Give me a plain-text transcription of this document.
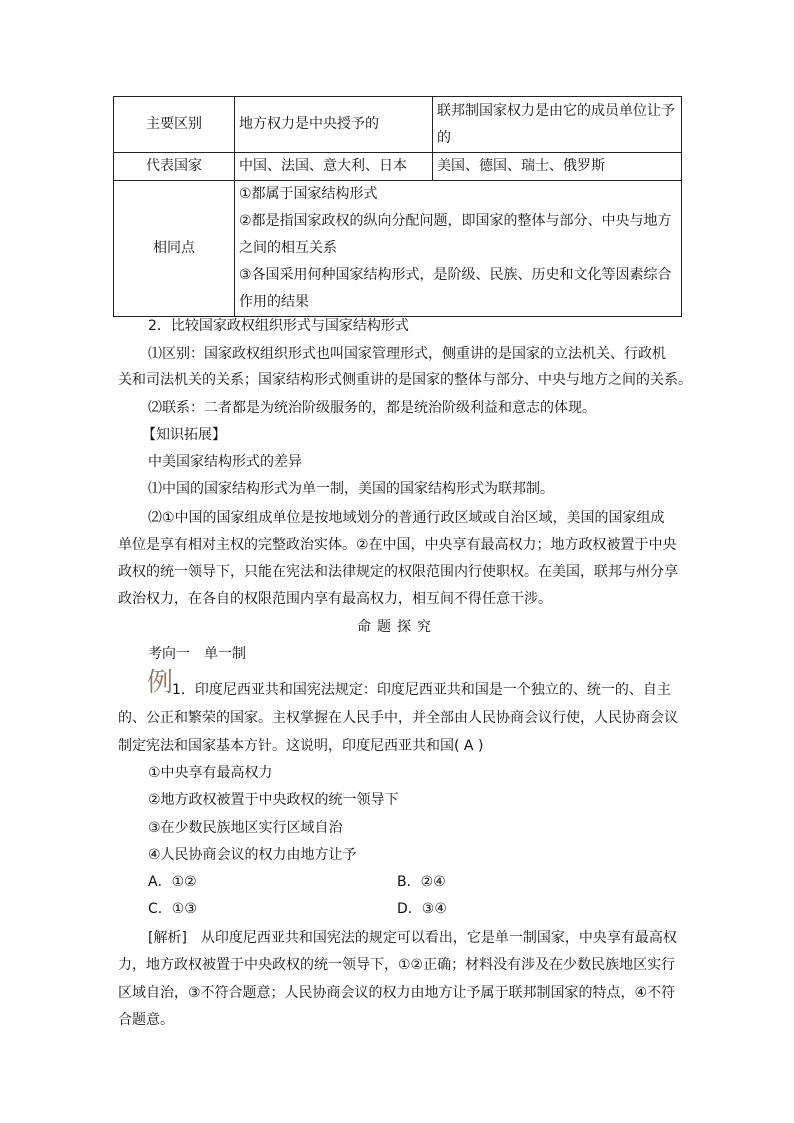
主要区别	地方权力是中央授予的	联邦制国家权力是由它的成员单位让予的
代表国家	中国、法国、意大利、日本	美国、德国、瑞士、俄罗斯
相同点	①都属于国家结构形式
②都是指国家政权的纵向分配问题，即国家的整体与部分、中央与地方
之间的相互关系
③各国采用何种国家结构形式，是阶级、民族、历史和文化等因素综合
作用的结果	
2．比较国家政权组织形式与国家结构形式
⑴区别：国家政权组织形式也叫国家管理形式，侧重讲的是国家的立法机关、行政机
关和司法机关的关系；国家结构形式侧重讲的是国家的整体与部分、中央与地方之间的关系。
⑵联系：二者都是为统治阶级服务的，都是统治阶级利益和意志的体现。
【知识拓展】
中美国家结构形式的差异
⑴中国的国家结构形式为单一制，美国的国家结构形式为联邦制。
⑵①中国的国家组成单位是按地域划分的普通行政区域或自治区域，美国的国家组成
单位是享有相对主权的完整政治实体。②在中国，中央享有最高权力；地方政权被置于中央
政权的统一领导下，只能在宪法和法律规定的权限范围内行使职权。在美国，联邦与州分享
政治权力，在各自的权限范围内享有最高权力，相互间不得任意干涉。
命题探究
考向一　单一制
例
1．印度尼西亚共和国宪法规定：印度尼西亚共和国是一个独立的、统一的、自主
的、公正和繁荣的国家。主权掌握在人民手中，并全部由人民协商会议行使，人民协商会议
制定宪法和国家基本方针。这说明，印度尼西亚共和国( A )
①中央享有最高权力
②地方政权被置于中央政权的统一领导下
③在少数民族地区实行区域自治
④人民协商会议的权力由地方让予
A．①②	B．②④
C．①③	D．③④
[解析]　从印度尼西亚共和国宪法的规定可以看出，它是单一制国家，中央享有最高权
力，地方政权被置于中央政权的统一领导下，①②正确；材料没有涉及在少数民族地区实行
区域自治，③不符合题意；人民协商会议的权力由地方让予属于联邦制国家的特点，④不符
合题意。
